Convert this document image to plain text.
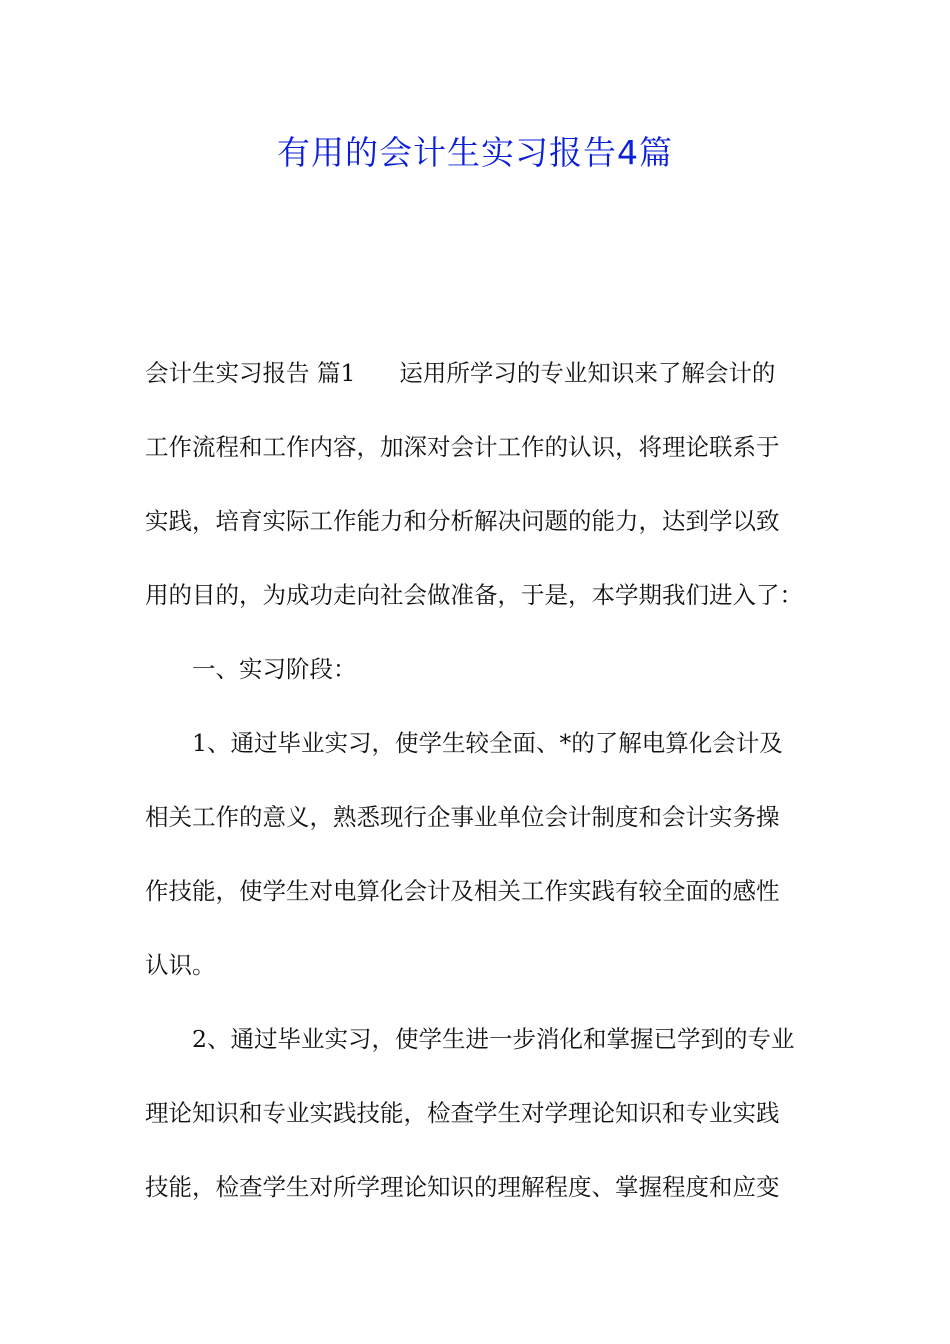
有用的会计生实习报告4篇
会计生实习报告 篇1 运用所学习的专业知识来了解会计的
工作流程和工作内容，加深对会计工作的认识，将理论联系于
实践，培育实际工作能力和分析解决问题的能力，达到学以致
用的目的，为成功走向社会做准备，于是，本学期我们进入了：
一、实习阶段：
1、通过毕业实习，使学生较全面、*的了解电算化会计及
相关工作的意义，熟悉现行企事业单位会计制度和会计实务操
作技能，使学生对电算化会计及相关工作实践有较全面的感性
认识。
2、通过毕业实习，使学生进一步消化和掌握已学到的专业
理论知识和专业实践技能，检查学生对学理论知识和专业实践
技能，检查学生对所学理论知识的理解程度、掌握程度和应变
